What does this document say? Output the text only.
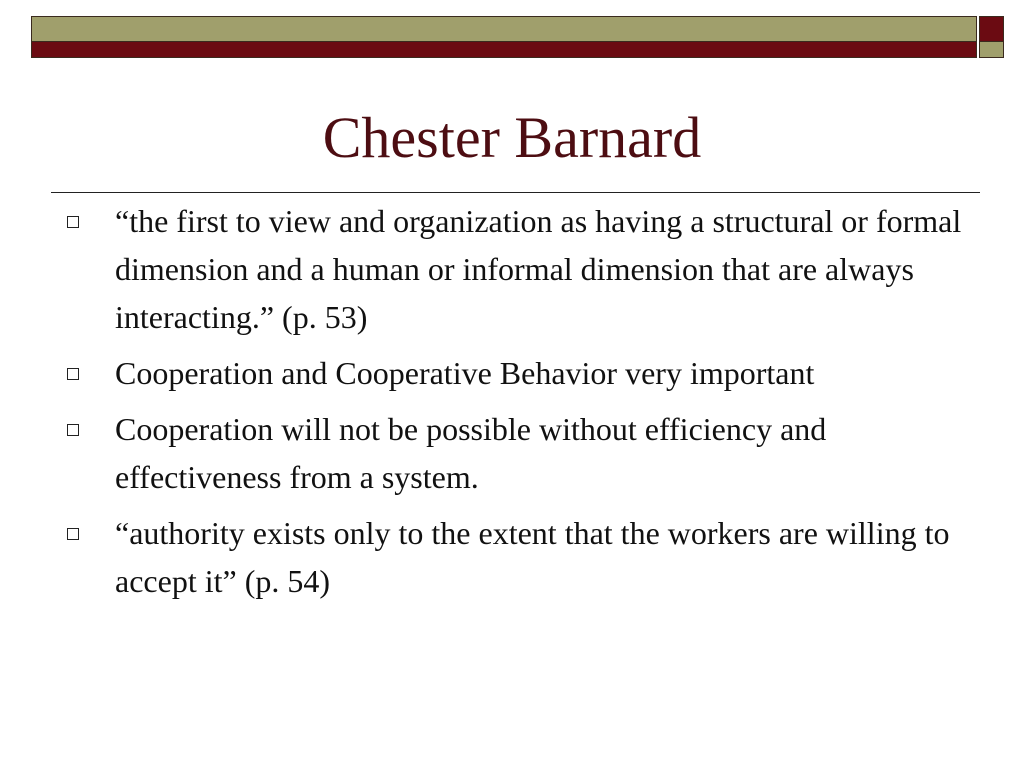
Chester Barnard
“the first to view and organization as having a structural or formal dimension and a human or informal dimension that are always interacting.” (p. 53)
Cooperation and Cooperative Behavior very important
Cooperation will not be possible without efficiency and effectiveness from a system.
“authority exists only to the extent that the workers are willing to accept it” (p. 54)
